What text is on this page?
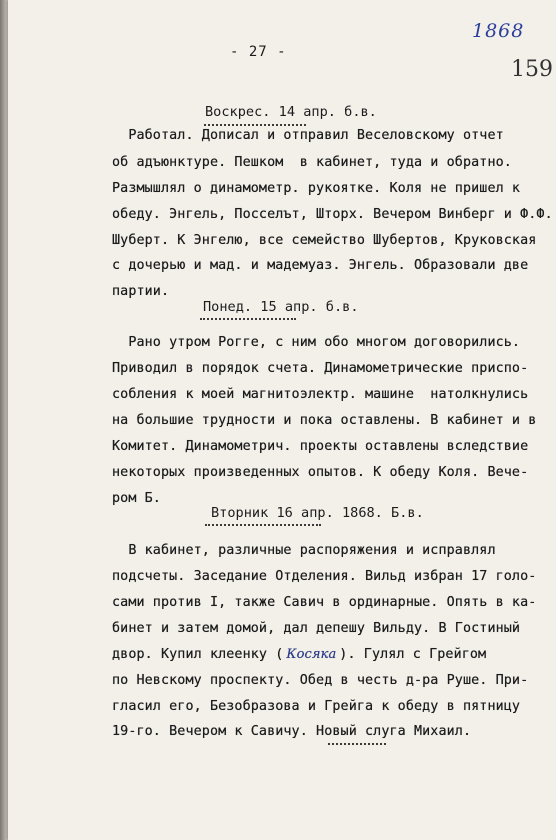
1868
159
- 27 -
Воскрес. 14 апр. б.в.
Работал. Дописал и отправил Веселовскому отчет
об адъюнктуре. Пешком  в кабинет, туда и обратно.
Размышлял о динамометр. рукоятке. Коля не пришел к
обеду. Энгель, Посселът, Шторх. Вечером Винберг и Ф.Ф.
Шуберт. К Энгелю, все семейство Шубертов, Круковская
с дочерью и мад. и мадемуаз. Энгель. Образовали две
партии.
Понед. 15 апр. б.в.
Рано утром Рогге, с ним обо многом договорились.
Приводил в порядок счета. Динамометрические приспо-
собления к моей магнитоэлектр. машине  натолкнулись
на большие трудности и пока оставлены. В кабинет и в
Комитет. Динамометрич. проекты оставлены вследствие
некоторых произведенных опытов. К обеду Коля. Вече-
ром Б.
Вторник 16 апр. 1868. Б.в.
В кабинет, различные распоряжения и исправлял
подсчеты. Заседание Отделения. Вильд избран 17 голо-
сами против I, также Савич в ординарные. Опять в ка-
бинет и затем домой, дал депешу Вильду. В Гостиный
двор. Купил клеенку ( Косяка ). Гулял с Грейгом
по Невскому проспекту. Обед в честь д-ра Руше. При-
гласил его, Безобразова и Грейга к обеду в пятницу
19-го. Вечером к Савичу. Новый слуга Михаил.
